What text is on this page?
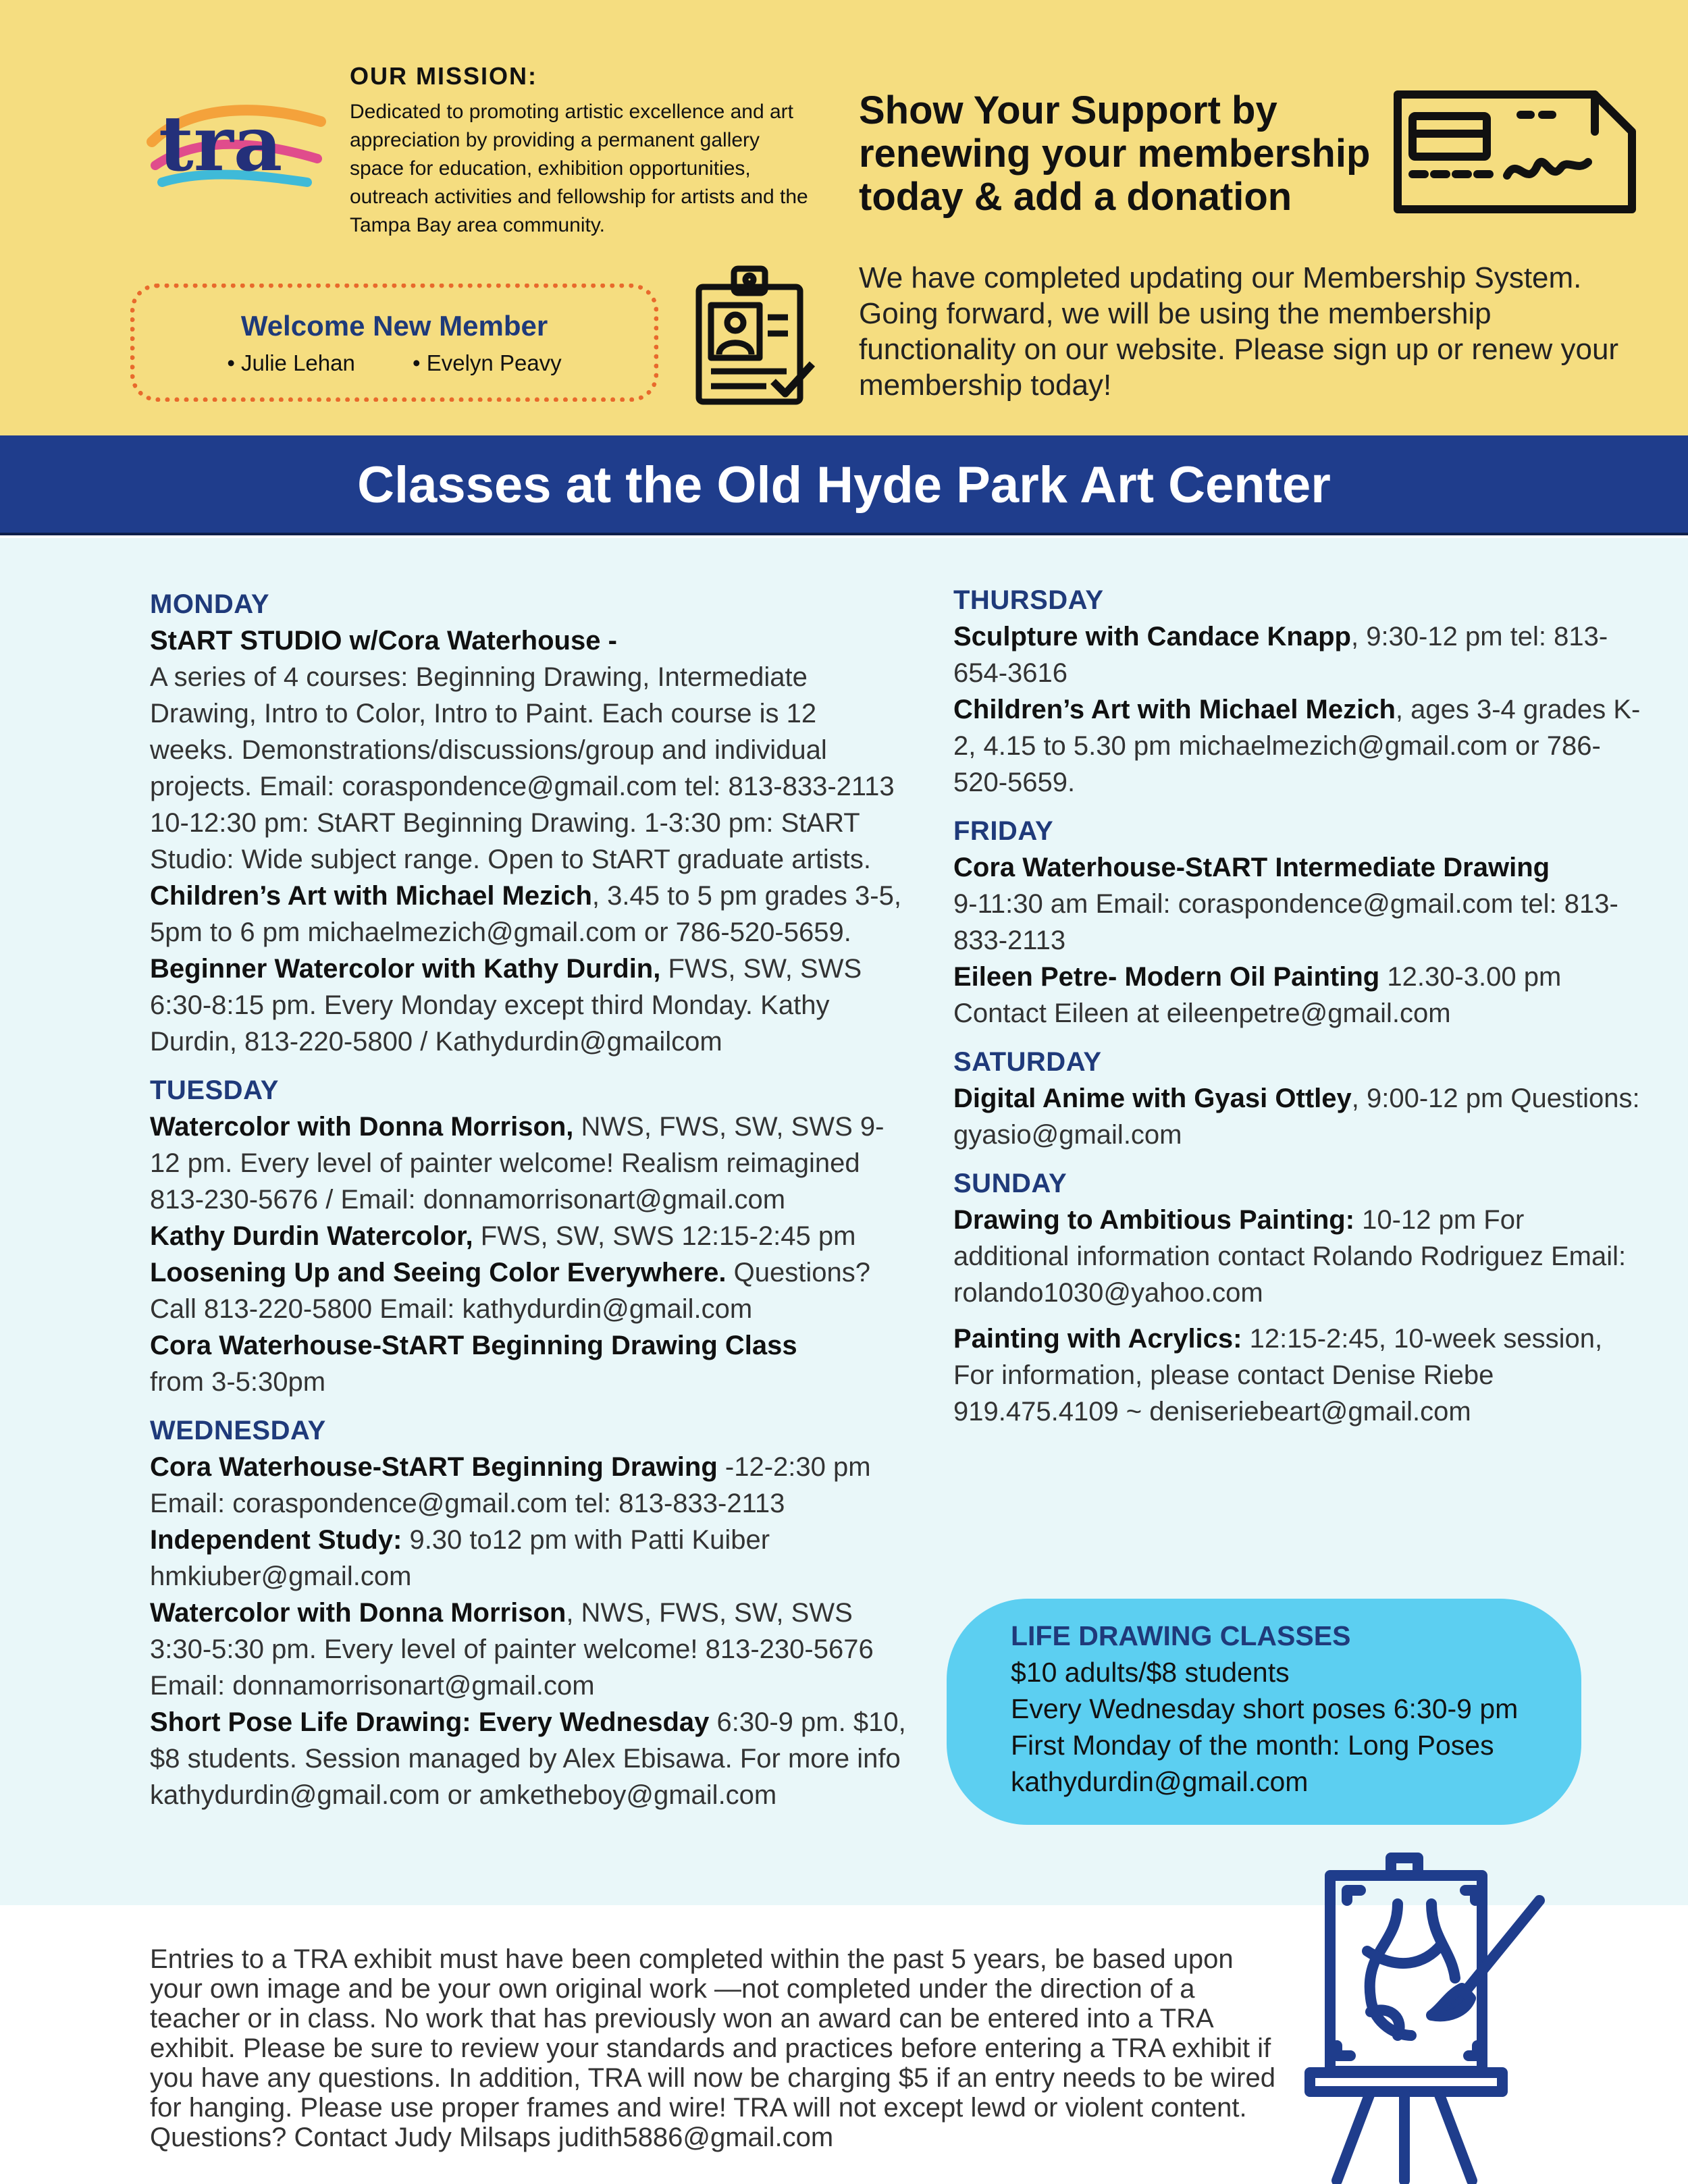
tra
OUR MISSION:
Dedicated to promoting artistic excellence and art appreciation by providing a permanent gallery space for education, exhibition opportunities, outreach activities and fellowship for artists and the Tampa Bay area community.
Welcome New Member
• Julie Lehan	• Evelyn Peavy
Show Your Support by renewing your membership today & add a donation
We have completed updating our Membership System. Going forward, we will be using the membership functionality on our website. Please sign up or renew your membership today!
Classes at the Old Hyde Park Art Center
MONDAY
StART STUDIO w/Cora Waterhouse -
A series of 4 courses: Beginning Drawing, Intermediate Drawing, Intro to Color, Intro to Paint. Each course is 12 weeks. Demonstrations/discussions/group and individual projects. Email: coraspondence@gmail.com tel: 813-833-2113 10-12:30 pm: StART Beginning Drawing. 1-3:30 pm: StART Studio: Wide subject range. Open to StART graduate artists.
Children’s Art with Michael Mezich, 3.45 to 5 pm grades 3-5, 5pm to 6 pm michaelmezich@gmail.com or 786-520-5659.
Beginner Watercolor with Kathy Durdin, FWS, SW, SWS 6:30-8:15 pm. Every Monday except third Monday. Kathy Durdin, 813-220-5800 / Kathydurdin@gmailcom
TUESDAY
Watercolor with Donna Morrison, NWS, FWS, SW, SWS 9-12 pm. Every level of painter welcome! Realism reimagined 813-230-5676 / Email: donnamorrisonart@gmail.com
Kathy Durdin Watercolor, FWS, SW, SWS 12:15-2:45 pm
Loosening Up and Seeing Color Everywhere. Questions? Call 813-220-5800 Email: kathydurdin@gmail.com
Cora Waterhouse-StART Beginning Drawing Class
from 3-5:30pm
WEDNESDAY
Cora Waterhouse-StART Beginning Drawing -12-2:30 pm Email: coraspondence@gmail.com tel: 813-833-2113
Independent Study: 9.30 to12 pm with Patti Kuiber hmkiuber@gmail.com
Watercolor with Donna Morrison, NWS, FWS, SW, SWS 3:30-5:30 pm. Every level of painter welcome! 813-230-5676 Email: donnamorrisonart@gmail.com
Short Pose Life Drawing: Every Wednesday 6:30-9 pm. $10, $8 students. Session managed by Alex Ebisawa. For more info kathydurdin@gmail.com or amketheboy@gmail.com
THURSDAY
Sculpture with Candace Knapp, 9:30-12 pm tel: 813-654-3616
Children’s Art with Michael Mezich, ages 3-4 grades K-2, 4.15 to 5.30 pm michaelmezich@gmail.com or 786-520-5659.
FRIDAY
Cora Waterhouse-StART Intermediate Drawing
9-11:30 am Email: coraspondence@gmail.com tel: 813-833-2113
Eileen Petre- Modern Oil Painting 12.30-3.00 pm Contact Eileen at eileenpetre@gmail.com
SATURDAY
Digital Anime with Gyasi Ottley, 9:00-12 pm Questions: gyasio@gmail.com
SUNDAY
Drawing to Ambitious Painting: 10-12 pm For additional information contact Rolando Rodriguez Email: rolando1030@yahoo.com
Painting with Acrylics: 12:15-2:45, 10-week session, For information, please contact Denise Riebe 919.475.4109 ~ deniseriebeart@gmail.com
LIFE DRAWING CLASSES
$10 adults/$8 students
Every Wednesday short poses 6:30-9 pm
First Monday of the month: Long Poses
kathydurdin@gmail.com
Entries to a TRA exhibit must have been completed within the past 5 years, be based upon your own image and be your own original work —not completed under the direction of a teacher or in class. No work that has previously won an award can be entered into a TRA exhibit. Please be sure to review your standards and practices before entering a TRA exhibit if you have any questions. In addition, TRA will now be charging $5 if an entry needs to be wired for hanging. Please use proper frames and wire! TRA will not except lewd or violent content. Questions? Contact Judy Milsaps judith5886@gmail.com
